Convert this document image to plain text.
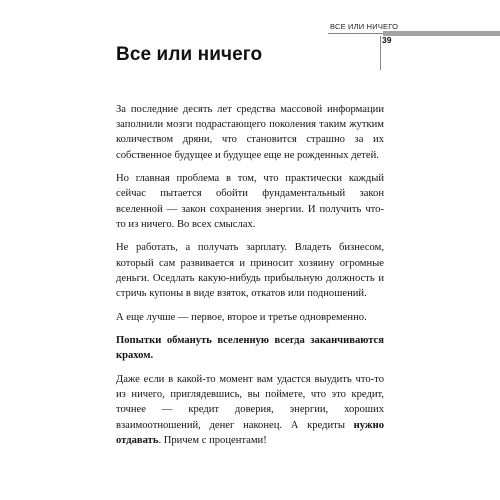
ВСЕ ИЛИ НИЧЕГО
39
Все или ничего

За последние десять лет средства массовой информации заполнили мозги подрастающего поколения таким жутким количеством дряни, что становится страшно за их собственное будущее и будущее еще не рожденных детей.

Но главная проблема в том, что практически каждый сейчас пытается обойти фундаментальный закон вселенной — закон сохранения энергии. И получить что-то из ничего. Во всех смыслах.

Не работать, а получать зарплату. Владеть бизнесом, который сам развивается и приносит хозяину огромные деньги. Оседлать какую-нибудь прибыльную должность и стричь купоны в виде взяток, откатов или подношений.

А еще лучше — первое, второе и третье одновременно.

Попытки обмануть вселенную всегда заканчиваются крахом.

Даже если в какой-то момент вам удастся выудить что-то из ничего, приглядевшись, вы поймете, что это кредит, точнее — кредит доверия, энергии, хороших взаимоотношений, денег наконец. А кредиты нужно отдавать. Причем с процентами!
